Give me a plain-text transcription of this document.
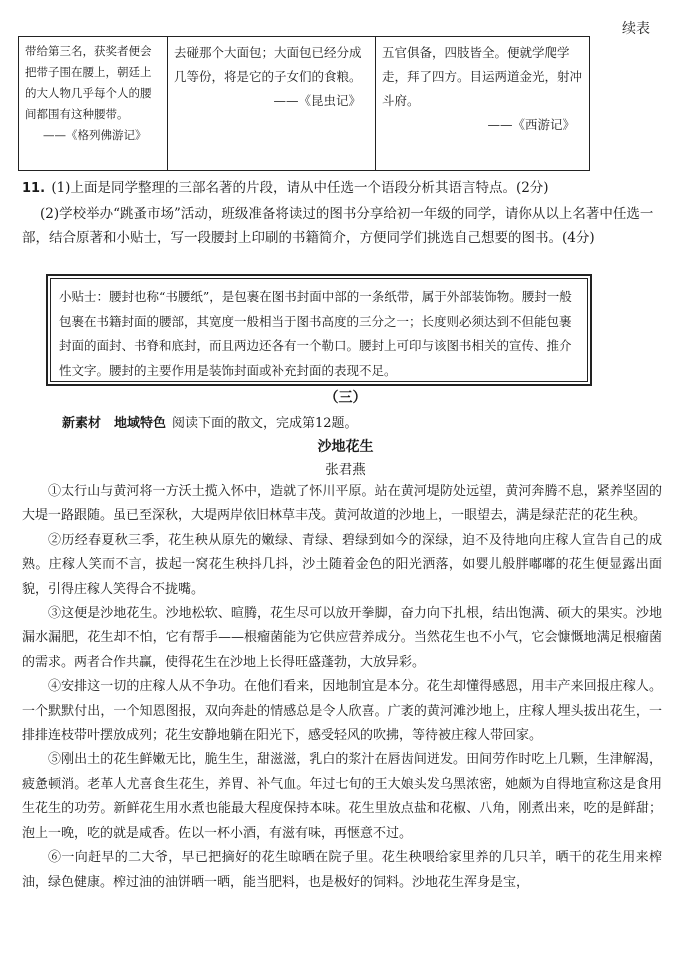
续表
带给第三名，获奖者便会把带子围在腰上，朝廷上的大人物几乎每个人的腰间都围有这种腰带。
——《格列佛游记》
去碰那个大面包；大面包已经分成几等份，将是它的子女们的食粮。
——《昆虫记》
五官俱备，四肢皆全。便就学爬学走，拜了四方。目运两道金光，射冲斗府。
——《西游记》
11. (1)上面是同学整理的三部名著的片段，请从中任选一个语段分析其语言特点。(2分)
(2)学校举办“跳蚤市场”活动，班级准备将读过的图书分享给初一年级的同学，请你从以上名著中任选一部，结合原著和小贴士，写一段腰封上印刷的书籍简介，方便同学们挑选自己想要的图书。(4分)
小贴士：腰封也称“书腰纸”，是包裹在图书封面中部的一条纸带，属于外部装饰物。腰封一般包裹在书籍封面的腰部，其宽度一般相当于图书高度的三分之一；长度则必须达到不但能包裹封面的面封、书脊和底封，而且两边还各有一个勒口。腰封上可印与该图书相关的宣传、推介性文字。腰封的主要作用是装饰封面或补充封面的表现不足。
（三）
新素材　地域特色 阅读下面的散文，完成第12题。
沙地花生
张君燕

①太行山与黄河将一方沃土揽入怀中，造就了怀川平原。站在黄河堤防处远望，黄河奔腾不息，紧养坚固的大堤一路跟随。虽已至深秋，大堤两岸依旧林草丰茂。黄河故道的沙地上，一眼望去，满是绿茫茫的花生秧。

②历经春夏秋三季，花生秧从原先的嫩绿、青绿、碧绿到如今的深绿，迫不及待地向庄稼人宣告自己的成熟。庄稼人笑而不言，拔起一窝花生秧抖几抖，沙土随着金色的阳光洒落，如婴儿般胖嘟嘟的花生便显露出面貌，引得庄稼人笑得合不拢嘴。

③这便是沙地花生。沙地松软、暄腾，花生尽可以放开拳脚，奋力向下扎根，结出饱满、硕大的果实。沙地漏水漏肥，花生却不怕，它有帮手——根瘤菌能为它供应营养成分。当然花生也不小气，它会慷慨地满足根瘤菌的需求。两者合作共赢，使得花生在沙地上长得旺盛蓬勃，大放异彩。

④安排这一切的庄稼人从不争功。在他们看来，因地制宜是本分。花生却懂得感恩，用丰产来回报庄稼人。一个默默付出，一个知恩图报，双向奔赴的情感总是令人欣喜。广袤的黄河滩沙地上，庄稼人埋头拔出花生，一排排连枝带叶摆放成列；花生安静地躺在阳光下，感受轻风的吹拂，等待被庄稼人带回家。

⑤刚出土的花生鲜嫩无比，脆生生，甜滋滋，乳白的浆汁在唇齿间迸发。田间劳作时吃上几颗，生津解渴，疲惫顿消。老革人尤喜食生花生，养胃、补气血。年过七旬的王大娘头发乌黑浓密，她颇为自得地宣称这是食用生花生的功劳。新鲜花生用水煮也能最大程度保持本味。花生里放点盐和花椒、八角，刚煮出来，吃的是鲜甜；泡上一晚，吃的就是咸香。佐以一杯小酒，有滋有味，再惬意不过。

⑥一向赶早的二大爷，早已把摘好的花生晾晒在院子里。花生秧喂给家里养的几只羊，晒干的花生用来榨油，绿色健康。榨过油的油饼晒一晒，能当肥料，也是极好的饲料。沙地花生浑身是宝，
